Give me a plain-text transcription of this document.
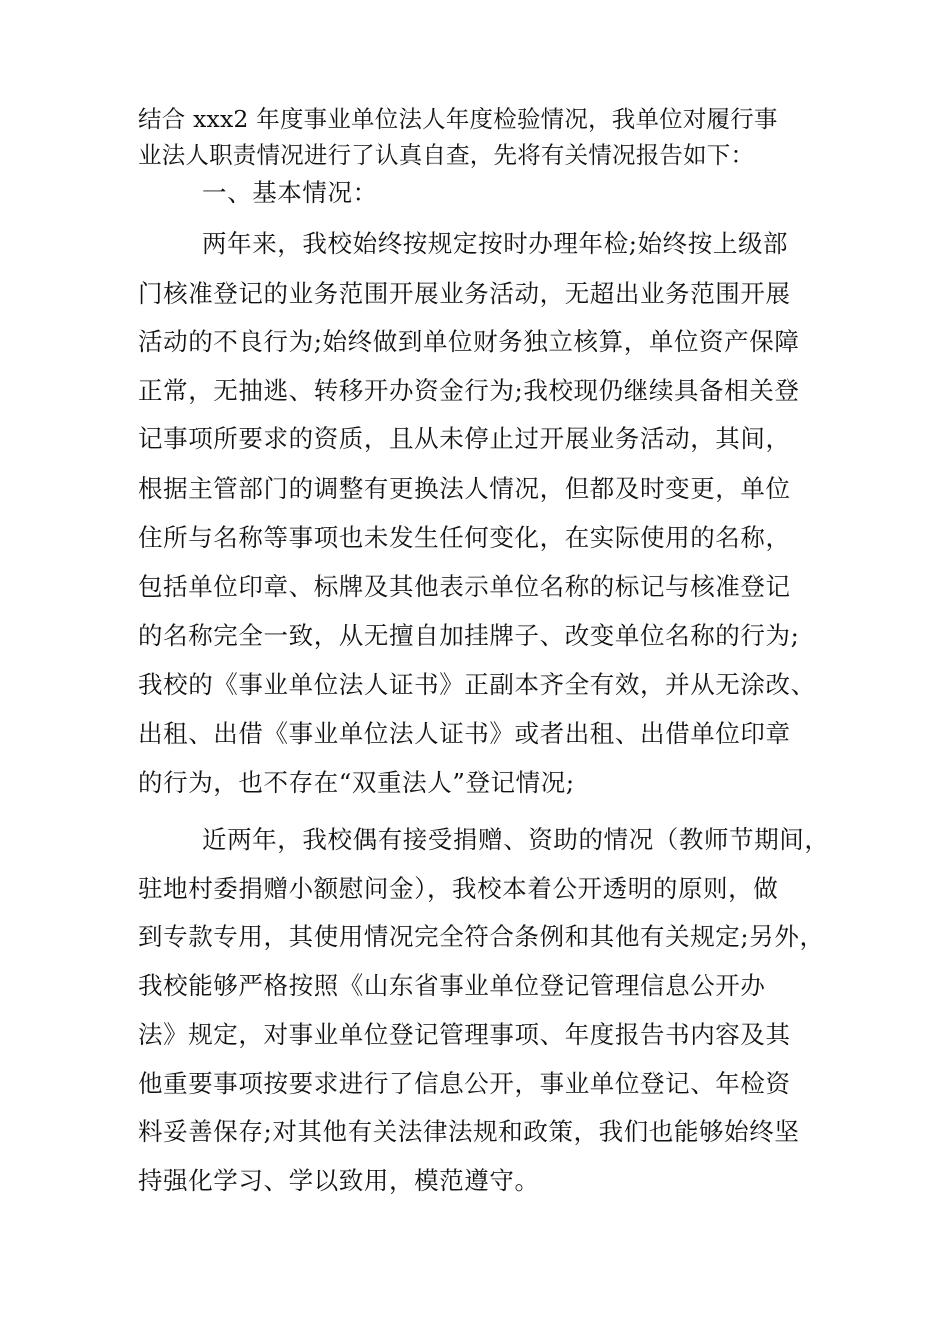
结合 xxx2 年度事业单位法人年度检验情况，我单位对履行事
业法人职责情况进行了认真自查，先将有关情况报告如下：
一、基本情况：
两年来，我校始终按规定按时办理年检;始终按上级部
门核准登记的业务范围开展业务活动，无超出业务范围开展
活动的不良行为;始终做到单位财务独立核算，单位资产保障
正常，无抽逃、转移开办资金行为;我校现仍继续具备相关登
记事项所要求的资质，且从未停止过开展业务活动，其间，
根据主管部门的调整有更换法人情况，但都及时变更，单位
住所与名称等事项也未发生任何变化，在实际使用的名称，
包括单位印章、标牌及其他表示单位名称的标记与核准登记
的名称完全一致，从无擅自加挂牌子、改变单位名称的行为;
我校的《事业单位法人证书》正副本齐全有效，并从无涂改、
出租、出借《事业单位法人证书》或者出租、出借单位印章
的行为，也不存在“双重法人”登记情况;
近两年，我校偶有接受捐赠、资助的情况（教师节期间，
驻地村委捐赠小额慰问金），我校本着公开透明的原则，做
到专款专用，其使用情况完全符合条例和其他有关规定;另外，
我校能够严格按照《山东省事业单位登记管理信息公开办
法》规定，对事业单位登记管理事项、年度报告书内容及其
他重要事项按要求进行了信息公开，事业单位登记、年检资
料妥善保存;对其他有关法律法规和政策，我们也能够始终坚
持强化学习、学以致用，模范遵守。
